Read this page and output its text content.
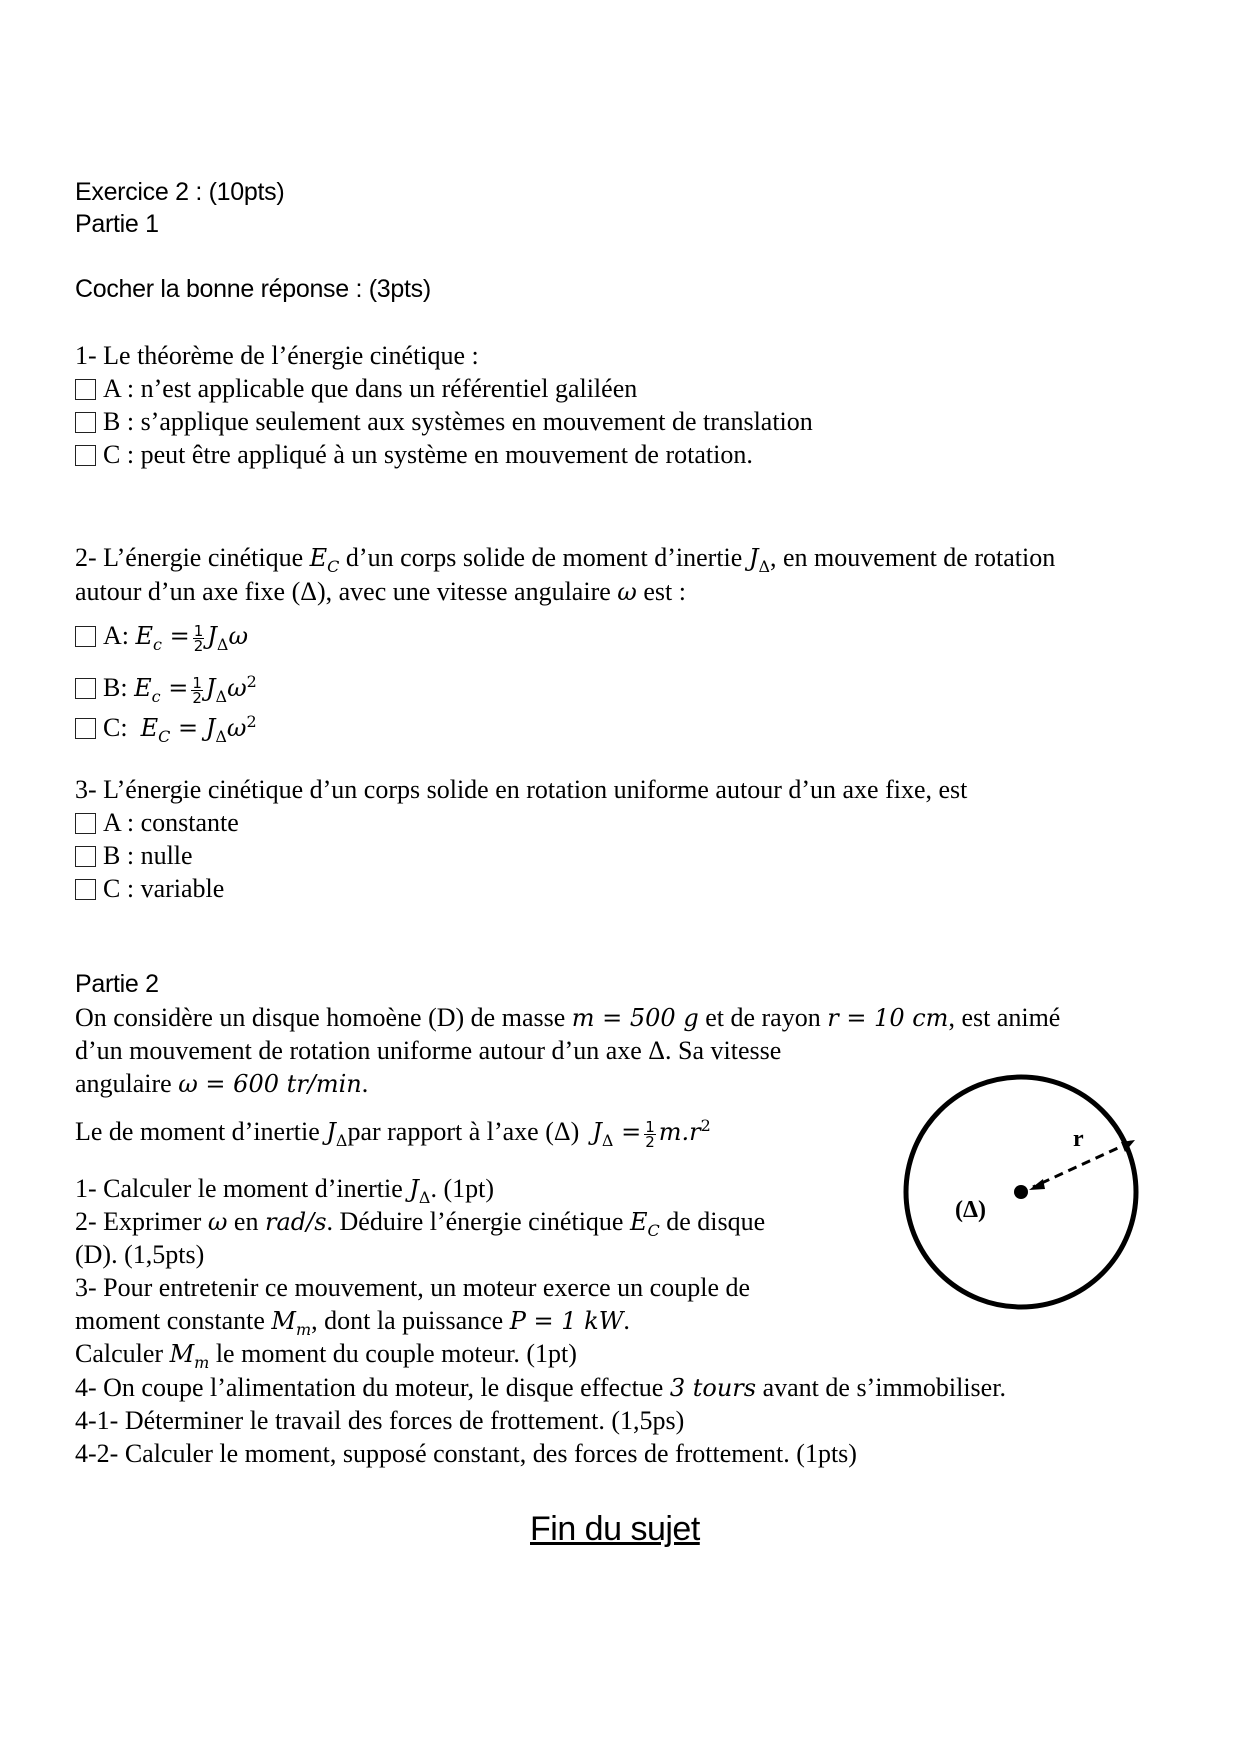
Exercice 2 : (10pts)
Partie 1
Cocher la bonne réponse : (3pts)
1- Le théorème de l’énergie cinétique :
A : n’est applicable que dans un référentiel galiléen
B : s’applique seulement aux systèmes en mouvement de translation
C : peut être appliqué à un système en mouvement de rotation.
2- L’énergie cinétique $E_C$ d’un corps solide de moment d’inertie $J_\Delta$, en mouvement de rotation
autour d’un axe fixe (Δ), avec une vitesse angulaire ω est :
A: $E_c = \frac{1}{2} J_\Delta\omega$
B: $E_c = \frac{1}{2} J_\Delta\omega^2$
C: $E_C = J_\Delta\omega^2$
3- L’énergie cinétique d’un corps solide en rotation uniforme autour d’un axe fixe, est
A : constante
B : nulle
C : variable
Partie 2
On considère un disque homoène (D) de masse m = 500 g et de rayon r = 10 cm, est animé
d’un mouvement de rotation uniforme autour d’un axe Δ. Sa vitesse
angulaire ω = 600 tr/min.
Le de moment d’inertie $J_\Delta par$ rapport à l’axe (Δ) $J_\Delta = \frac{1}{2} m.r^2$
1- Calculer le moment d’inertie $J_\Delta$. (1pt)
2- Exprimer ω en rad/s. Déduire l’énergie cinétique $E_C$ de disque
(D). (1,5pts)
3- Pour entretenir ce mouvement, un moteur exerce un couple de
moment constante $M_m$, dont la puissance P = 1 kW.
Calculer $M_m$ le moment du couple moteur. (1pt)
4- On coupe l’alimentation du moteur, le disque effectue 3 tours avant de s’immobiliser.
4-1- Déterminer le travail des forces de frottement. (1,5ps)
4-2- Calculer le moment, supposé constant, des forces de frottement. (1pts)
(Δ)
r
Fin du sujet
